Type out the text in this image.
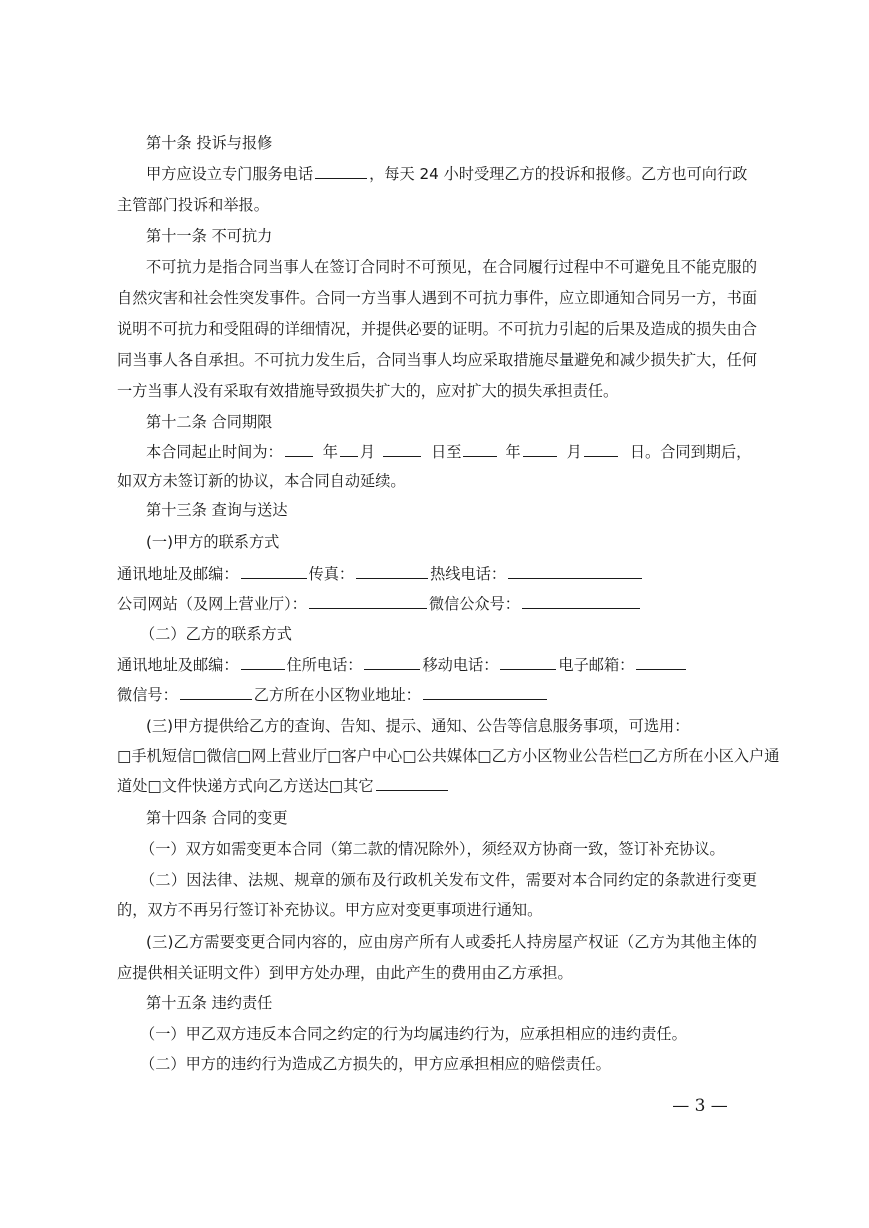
第十条 投诉与报修
甲方应设立专门服务电话	，每天 24 小时受理乙方的投诉和报修。乙方也可向行政
主管部门投诉和举报。
第十一条 不可抗力
不可抗力是指合同当事人在签订合同时不可预见，在合同履行过程中不可避免且不能克服的
自然灾害和社会性突发事件。合同一方当事人遇到不可抗力事件，应立即通知合同另一方，书面
说明不可抗力和受阻碍的详细情况，并提供必要的证明。不可抗力引起的后果及造成的损失由合
同当事人各自承担。不可抗力发生后，合同当事人均应采取措施尽量避免和减少损失扩大，任何
一方当事人没有采取有效措施导致损失扩大的，应对扩大的损失承担责任。
第十二条 合同期限
本合同起止时间为：	年 月	日至	年	月	日。合同到期后，
如双方未签订新的协议，本合同自动延续。
第十三条 查询与送达
(一)甲方的联系方式
通讯地址及邮编：	传真：	热线电话：
公司网站（及网上营业厅）：	微信公众号：
（二）乙方的联系方式
通讯地址及邮编：	住所电话：	移动电话：	电子邮箱：
微信号：	乙方所在小区物业地址：
(三)甲方提供给乙方的查询、告知、提示、通知、公告等信息服务事项，可选用：
□手机短信□微信□网上营业厅□客户中心□公共媒体□乙方小区物业公告栏□乙方所在小区入户通
道处□文件快递方式向乙方送达□其它
第十四条 合同的变更
（一）双方如需变更本合同（第二款的情况除外），须经双方协商一致，签订补充协议。
（二）因法律、法规、规章的颁布及行政机关发布文件，需要对本合同约定的条款进行变更
的，双方不再另行签订补充协议。甲方应对变更事项进行通知。
(三)乙方需要变更合同内容的，应由房产所有人或委托人持房屋产权证（乙方为其他主体的
应提供相关证明文件）到甲方处办理，由此产生的费用由乙方承担。
第十五条 违约责任
（一）甲乙双方违反本合同之约定的行为均属违约行为，应承担相应的违约责任。
（二）甲方的违约行为造成乙方损失的，甲方应承担相应的赔偿责任。
— 3 —
